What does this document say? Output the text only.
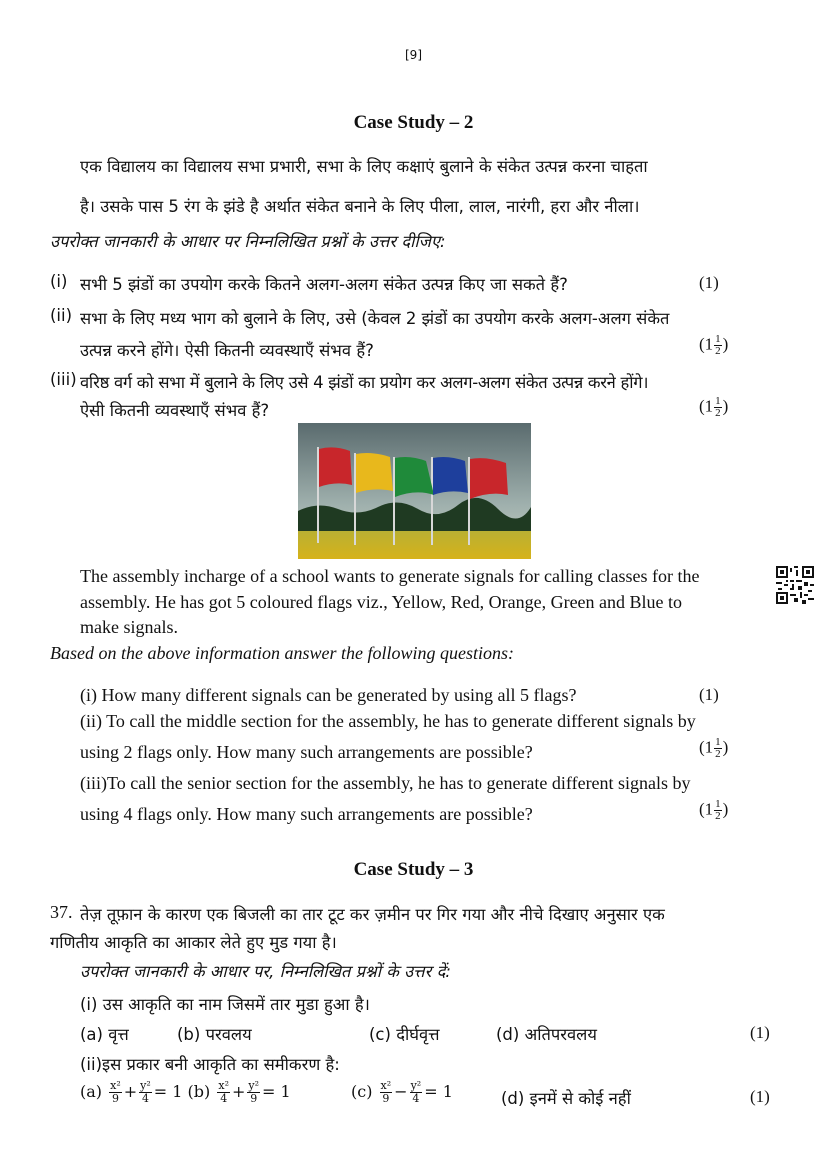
[9]
Case Study – 2
एक विद्यालय का विद्यालय सभा प्रभारी, सभा के लिए कक्षाएं बुलाने के संकेत उत्पन्न करना चाहता
है। उसके पास 5 रंग के झंडे है अर्थात संकेत बनाने के लिए पीला, लाल, नारंगी, हरा और नीला।
उपरोक्त जानकारी के आधार पर निम्नलिखित प्रश्नों के उत्तर दीजिए:
(i) सभी 5 झंडों का उपयोग करके कितने अलग-अलग संकेत उत्पन्न किए जा सकते हैं?	(1)
(ii) सभा के लिए मध्य भाग को बुलाने के लिए, उसे (केवल 2 झंडों का उपयोग करके अलग-अलग संकेत
उत्पन्न करने होंगे। ऐसी कितनी व्यवस्थाएँ संभव हैं?	($1 \frac{1}{2}$ )
(iii) वरिष्ठ वर्ग को सभा में बुलाने के लिए उसे 4 झंडों का प्रयोग कर अलग-अलग संकेत उत्पन्न करने होंगे।
ऐसी कितनी व्यवस्थाएँ संभव हैं?	($1 \frac{1}{2}$ )
The assembly incharge of a school wants to generate signals for calling classes for the
assembly. He has got 5 coloured flags viz., Yellow, Red, Orange, Green and Blue to
make signals.
Based on the above information answer the following questions:
(i) How many different signals can be generated by using all 5 flags?	(1)
(ii) To call the middle section for the assembly, he has to generate different signals by
using 2 flags only. How many such arrangements are possible?	($1 \frac{1}{2}$ )
(iii)To call the senior section for the assembly, he has to generate different signals by
using 4 flags only. How many such arrangements are possible?	($1 \frac{1}{2}$ )
Case Study – 3
37. तेज़ तूफ़ान के कारण एक बिजली का तार टूट कर ज़मीन पर गिर गया और नीचे दिखाए अनुसार एक
गणितीय आकृति का आकार लेते हुए मुड गया है।
उपरोक्त जानकारी के आधार पर, निम्नलिखित प्रश्नों के उत्तर दें:
(i) उस आकृति का नाम जिसमें तार मुडा हुआ है।
(a) वृत्त	(b) परवलय	(c) दीर्घवृत्त	(d) अतिपरवलय	(1)
(ii)इस प्रकार बनी आकृति का समीकरण है:
$(a) \frac{\text{x²}}{9} + \frac{\text{y²}}{4} = 1$ $(b) \frac{\text{x²}}{4} + \frac{\text{y²}}{9} = 1$	$(c) \frac{\text{x²}}{9} - \frac{\text{y²}}{4} = 1$	(d) इनमें से कोई नहीं	(1)
